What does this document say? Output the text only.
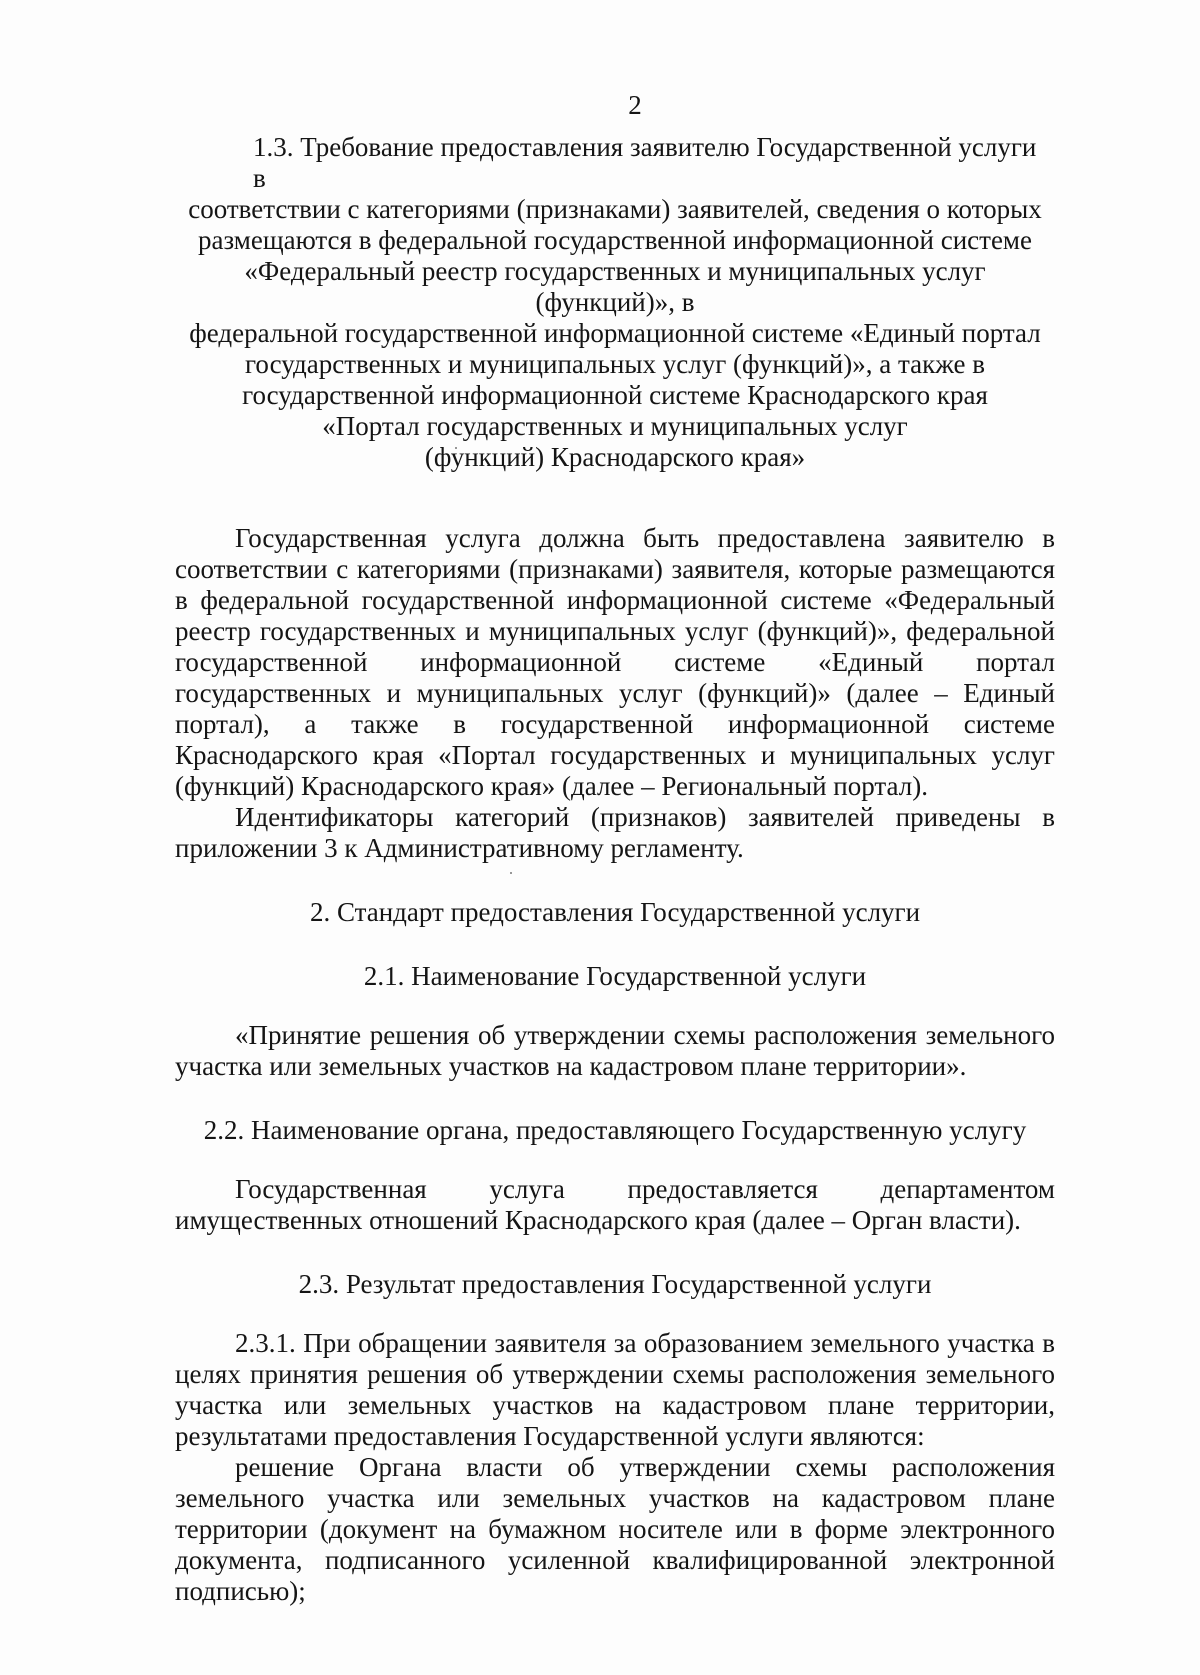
2
1.3. Требование предоставления заявителю Государственной услуги в
соответствии с категориями (признаками) заявителей, сведения о которых
размещаются в федеральной государственной информационной системе
«Федеральный реестр государственных и муниципальных услуг (функций)», в
федеральной государственной информационной системе «Единый портал
государственных и муниципальных услуг (функций)», а также в
государственной информационной системе Краснодарского края
«Портал государственных и муниципальных услуг
(функций) Краснодарского края»

Государственная услуга должна быть предоставлена заявителю в соответствии с категориями (признаками) заявителя, которые размещаются в федеральной государственной информационной системе «Федеральный реестр государственных и муниципальных услуг (функций)», федеральной государственной информационной системе «Единый портал государственных и муниципальных услуг (функций)» (далее – Единый портал), а также в государственной информационной системе Краснодарского края «Портал государственных и муниципальных услуг (функций) Краснодарского края» (далее – Региональный портал).

Идентификаторы категорий (признаков) заявителей приведены в приложении 3 к Административному регламенту.

2. Стандарт предоставления Государственной услуги

2.1. Наименование Государственной услуги

«Принятие решения об утверждении схемы расположения земельного участка или земельных участков на кадастровом плане территории».

2.2. Наименование органа, предоставляющего Государственную услугу

Государственная услуга предоставляется департаментом имущественных отношений Краснодарского края (далее – Орган власти).

2.3. Результат предоставления Государственной услуги

2.3.1. При обращении заявителя за образованием земельного участка в целях принятия решения об утверждении схемы расположения земельного участка или земельных участков на кадастровом плане территории, результатами предоставления Государственной услуги являются:

решение Органа власти об утверждении схемы расположения земельного участка или земельных участков на кадастровом плане территории (документ на бумажном носителе или в форме электронного документа, подписанного усиленной квалифицированной электронной подписью);
